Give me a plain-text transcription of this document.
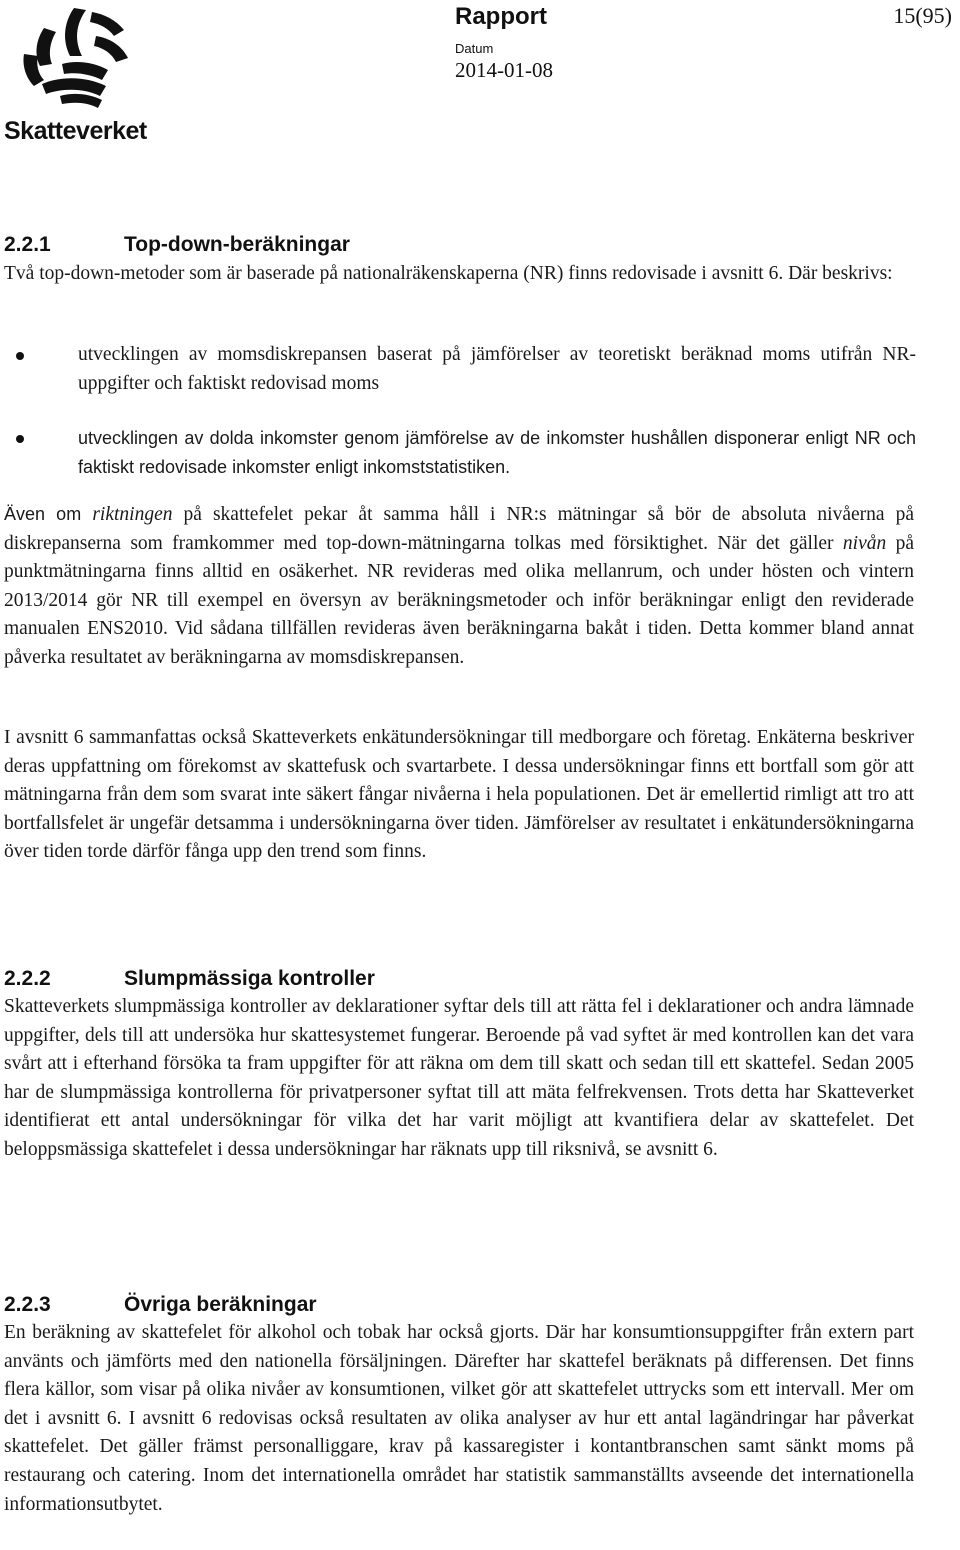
Skatteverket
Rapport	15(95)
Datum
2014-01-08
2.2.1	Top-down-beräkningar

Två top-down-metoder som är baserade på nationalräkenskaperna (NR) finns redovisade i avsnitt 6. Där beskrivs:

utvecklingen av momsdiskrepansen baserat på jämförelser av teoretiskt beräknad moms utifrån NR-uppgifter och faktiskt redovisad moms

utvecklingen av dolda inkomster genom jämförelse av de inkomster hushållen disponerar enligt NR och faktiskt redovisade inkomster enligt inkomststatistiken.

Även om riktningen på skattefelet pekar åt samma håll i NR:s mätningar så bör de absoluta nivåerna på diskrepanserna som framkommer med top-down-mätningarna tolkas med försiktighet. När det gäller nivån på punktmätningarna finns alltid en osäkerhet. NR revideras med olika mellanrum, och under hösten och vintern 2013/2014 gör NR till exempel en översyn av beräkningsmetoder och inför beräkningar enligt den reviderade manualen ENS2010. Vid sådana tillfällen revideras även beräkningarna bakåt i tiden. Detta kommer bland annat påverka resultatet av beräkningarna av momsdiskrepansen.

I avsnitt 6 sammanfattas också Skatteverkets enkätundersökningar till medborgare och företag. Enkäterna beskriver deras uppfattning om förekomst av skattefusk och svartarbete. I dessa undersökningar finns ett bortfall som gör att mätningarna från dem som svarat inte säkert fångar nivåerna i hela populationen. Det är emellertid rimligt att tro att bortfallsfelet är ungefär detsamma i undersökningarna över tiden. Jämförelser av resultatet i enkätundersökningarna över tiden torde därför fånga upp den trend som finns.

2.2.2	Slumpmässiga kontroller

Skatteverkets slumpmässiga kontroller av deklarationer syftar dels till att rätta fel i deklarationer och andra lämnade uppgifter, dels till att undersöka hur skattesystemet fungerar. Beroende på vad syftet är med kontrollen kan det vara svårt att i efterhand försöka ta fram uppgifter för att räkna om dem till skatt och sedan till ett skattefel. Sedan 2005 har de slumpmässiga kontrollerna för privatpersoner syftat till att mäta felfrekvensen. Trots detta har Skatteverket identifierat ett antal undersökningar för vilka det har varit möjligt att kvantifiera delar av skattefelet. Det beloppsmässiga skattefelet i dessa undersökningar har räknats upp till riksnivå, se avsnitt 6.

2.2.3	Övriga beräkningar

En beräkning av skattefelet för alkohol och tobak har också gjorts. Där har konsumtionsuppgifter från extern part använts och jämförts med den nationella försäljningen. Därefter har skattefel beräknats på differensen. Det finns flera källor, som visar på olika nivåer av konsumtionen, vilket gör att skattefelet uttrycks som ett intervall. Mer om det i avsnitt 6. I avsnitt 6 redovisas också resultaten av olika analyser av hur ett antal lagändringar har påverkat skattefelet. Det gäller främst personalliggare, krav på kassaregister i kontantbranschen samt sänkt moms på restaurang och catering. Inom det internationella området har statistik sammanställts avseende det internationella informationsutbytet.
